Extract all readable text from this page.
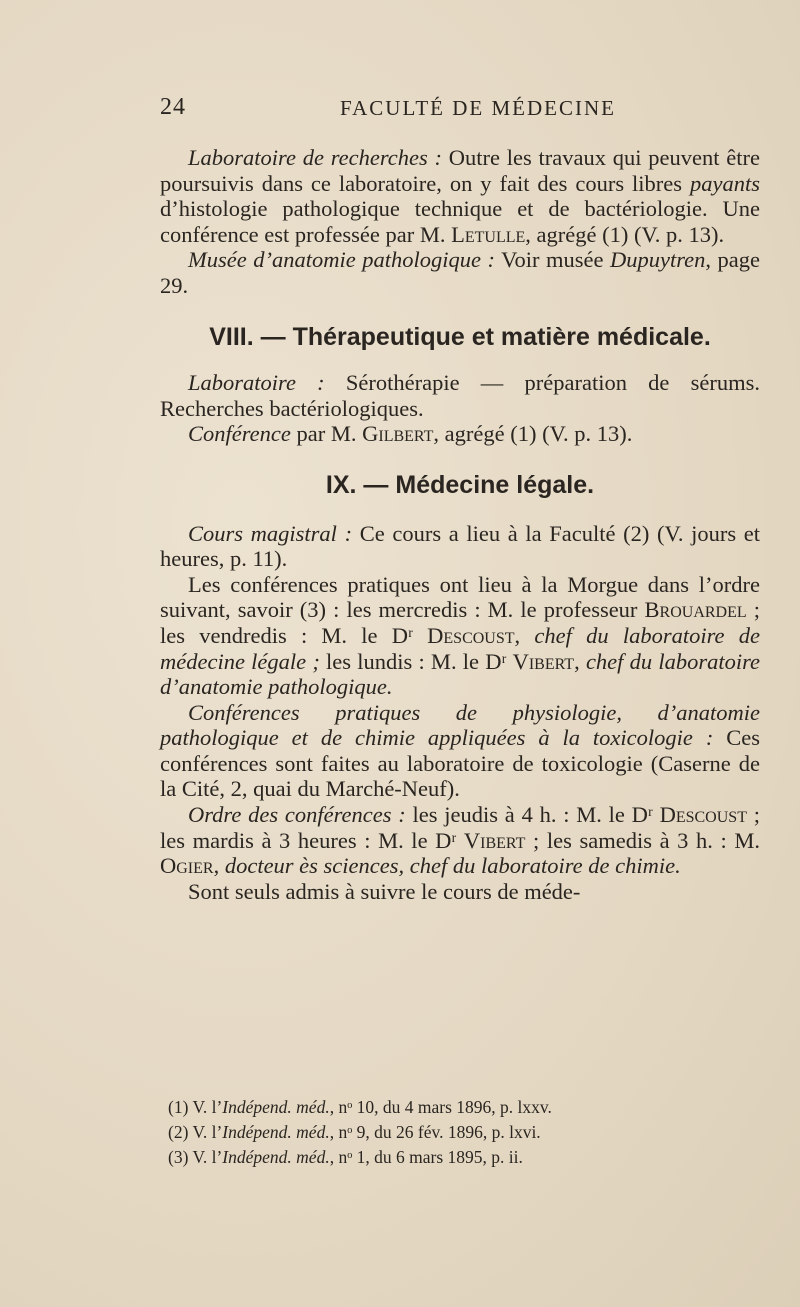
24	FACULTÉ DE MÉDECINE

Laboratoire de recherches : Outre les travaux qui peuvent être poursuivis dans ce laboratoire, on y fait des cours libres payants d’histologie pathologique technique et de bactériologie. Une conférence est professée par M. Letulle, agrégé (1) (V. p. 13).

Musée d’anatomie pathologique : Voir musée Dupuytren, page 29.

VIII. — Thérapeutique et matière médicale.

Laboratoire : Sérothérapie — préparation de sérums. Recherches bactériologiques.

Conférence par M. Gilbert, agrégé (1) (V. p. 13).

IX. — Médecine légale.

Cours magistral : Ce cours a lieu à la Faculté (2) (V. jours et heures, p. 11).

Les conférences pratiques ont lieu à la Morgue dans l’ordre suivant, savoir (3) : les mercredis : M. le professeur Brouardel ; les vendredis : M. le Dʳ Descoust, chef du laboratoire de médecine légale ; les lundis : M. le Dʳ Vibert, chef du laboratoire d’anatomie pathologique.

Conférences pratiques de physiologie, d’anatomie pathologique et de chimie appliquées à la toxicologie : Ces conférences sont faites au laboratoire de toxicologie (Caserne de la Cité, 2, quai du Marché-Neuf).

Ordre des conférences : les jeudis à 4 h. : M. le Dʳ Descoust ; les mardis à 3 heures : M. le Dʳ Vibert ; les samedis à 3 h. : M. Ogier, docteur ès sciences, chef du laboratoire de chimie.

Sont seuls admis à suivre le cours de méde-

(1) V. l’Indépend. méd., nᵒ 10, du 4 mars 1896, p. lxxv.

(2) V. l’Indépend. méd., nᵒ 9, du 26 fév. 1896, p. lxvi.

(3) V. l’Indépend. méd., nᵒ 1, du 6 mars 1895, p. ii.
